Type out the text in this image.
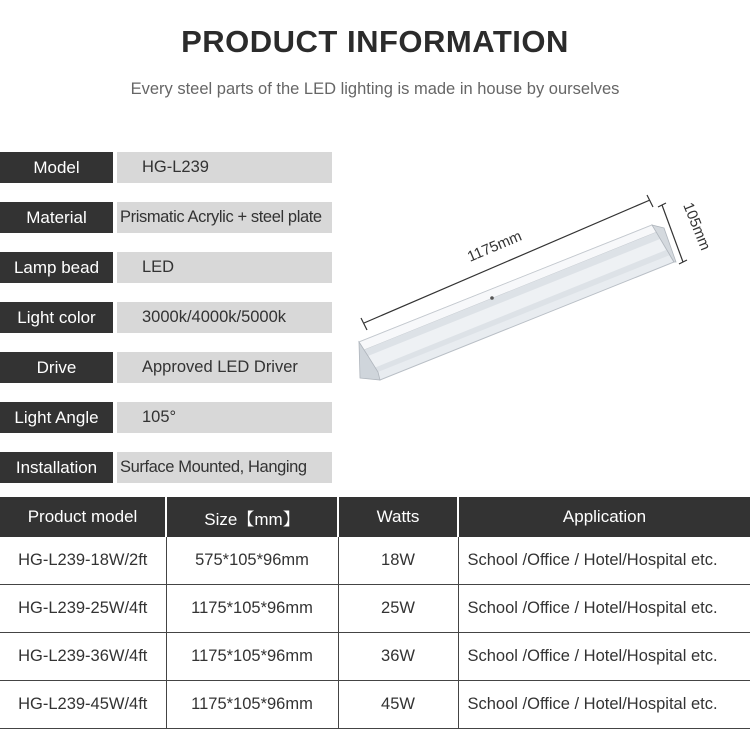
PRODUCT INFORMATION
Every steel parts of the LED lighting is made in house by ourselves
Model	HG-L239
Material	Prismatic Acrylic + steel plate
Lamp bead	LED
Light color	3000k/4000k/5000k
Drive	Approved LED Driver
Light Angle	105°
Installation	Surface Mounted, Hanging
1175mm	105mm
Product model	Size【mm】	Watts	Application
HG-L239-18W/2ft	575*105*96mm	18W	School /Office / Hotel/Hospital etc.
HG-L239-25W/4ft	1175*105*96mm	25W	School /Office / Hotel/Hospital etc.
HG-L239-36W/4ft	1175*105*96mm	36W	School /Office / Hotel/Hospital etc.
HG-L239-45W/4ft	1175*105*96mm	45W	School /Office / Hotel/Hospital etc.
